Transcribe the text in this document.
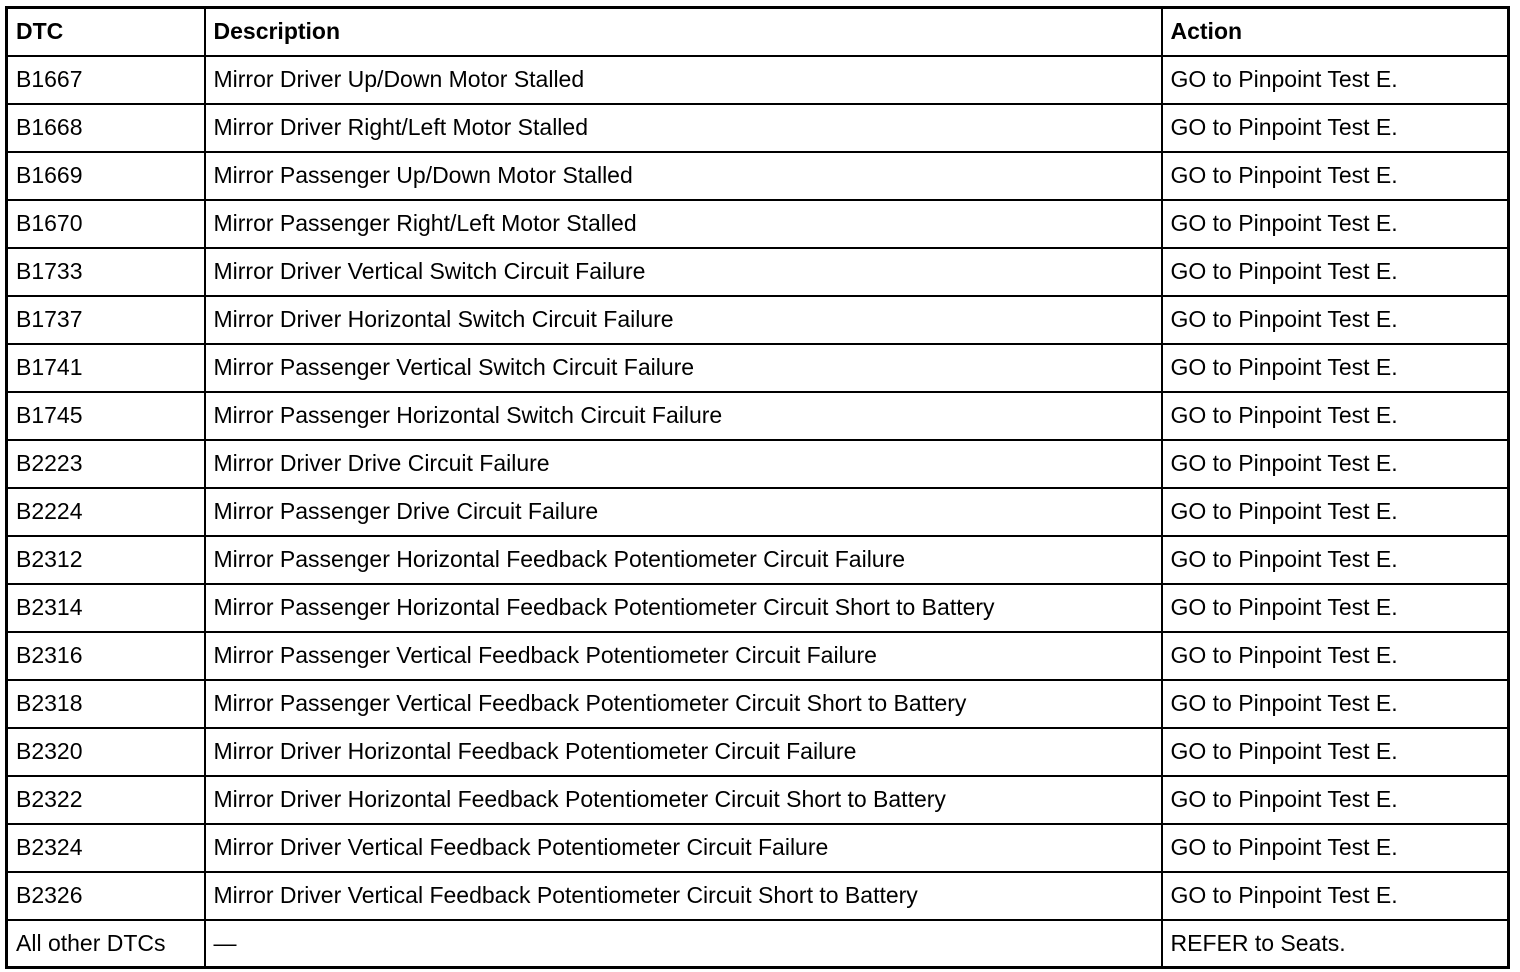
DTC	Description	Action
B1667	Mirror Driver Up/Down Motor Stalled	GO to Pinpoint Test E.
B1668	Mirror Driver Right/Left Motor Stalled	GO to Pinpoint Test E.
B1669	Mirror Passenger Up/Down Motor Stalled	GO to Pinpoint Test E.
B1670	Mirror Passenger Right/Left Motor Stalled	GO to Pinpoint Test E.
B1733	Mirror Driver Vertical Switch Circuit Failure	GO to Pinpoint Test E.
B1737	Mirror Driver Horizontal Switch Circuit Failure	GO to Pinpoint Test E.
B1741	Mirror Passenger Vertical Switch Circuit Failure	GO to Pinpoint Test E.
B1745	Mirror Passenger Horizontal Switch Circuit Failure	GO to Pinpoint Test E.
B2223	Mirror Driver Drive Circuit Failure	GO to Pinpoint Test E.
B2224	Mirror Passenger Drive Circuit Failure	GO to Pinpoint Test E.
B2312	Mirror Passenger Horizontal Feedback Potentiometer Circuit Failure	GO to Pinpoint Test E.
B2314	Mirror Passenger Horizontal Feedback Potentiometer Circuit Short to Battery	GO to Pinpoint Test E.
B2316	Mirror Passenger Vertical Feedback Potentiometer Circuit Failure	GO to Pinpoint Test E.
B2318	Mirror Passenger Vertical Feedback Potentiometer Circuit Short to Battery	GO to Pinpoint Test E.
B2320	Mirror Driver Horizontal Feedback Potentiometer Circuit Failure	GO to Pinpoint Test E.
B2322	Mirror Driver Horizontal Feedback Potentiometer Circuit Short to Battery	GO to Pinpoint Test E.
B2324	Mirror Driver Vertical Feedback Potentiometer Circuit Failure	GO to Pinpoint Test E.
B2326	Mirror Driver Vertical Feedback Potentiometer Circuit Short to Battery	GO to Pinpoint Test E.
All other DTCs	—	REFER to Seats.
